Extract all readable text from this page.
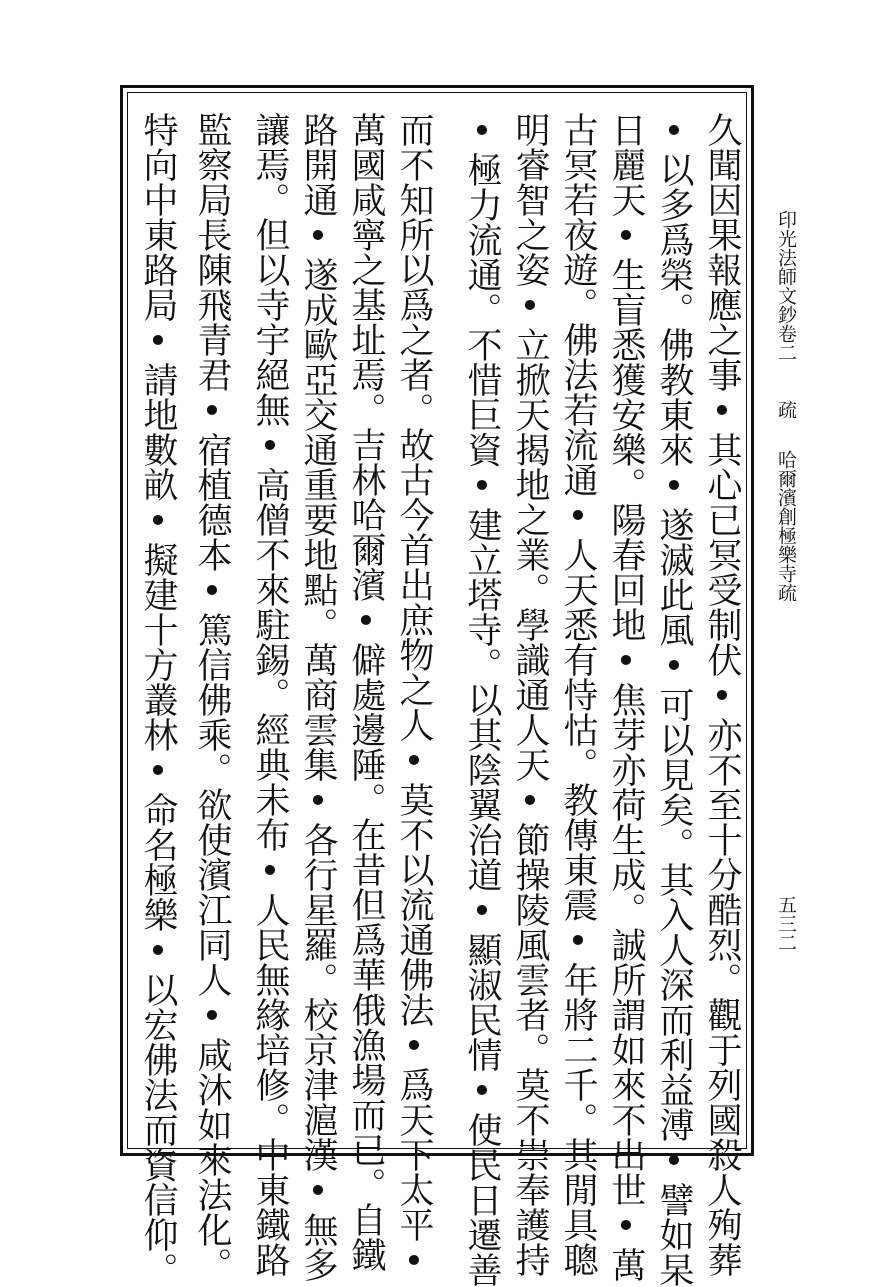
印光法師文鈔卷二
疏
哈爾濱創極樂寺疏
五三二
久聞因果報應之事•其心已冥受制伏•亦不至十分酷烈。觀于列國殺人殉葬
•以多爲榮。佛教東來•遂滅此風•可以見矣。其入人深而利益溥•譬如杲
日麗天•生盲悉獲安樂。陽春回地•焦芽亦荷生成。誠所謂如來不出世•萬
古冥若夜遊。佛法若流通•人天悉有恃怙。教傳東震•年將二千。其閒具聰
明睿智之姿•立掀天揭地之業。學識通人天•節操陵風雲者。莫不崇奉護持
•極力流通。不惜巨資•建立塔寺。以其陰翼治道•顯淑民情•使民日遷善
而不知所以爲之者。故古今首出庶物之人•莫不以流通佛法•爲天下太平•
萬國咸寧之基址焉。吉林哈爾濱•僻處邊陲。在昔但爲華俄漁場而已。自鐵
路開通•遂成歐亞交通重要地點。萬商雲集•各行星羅。校京津滬漢•無多
讓焉。但以寺宇絕無•高僧不來駐錫。經典未布•人民無緣培修。中東鐵路
監察局長陳飛青君•宿植德本•篤信佛乘。欲使濱江同人•咸沐如來法化。
特向中東路局•請地數畝•擬建十方叢林•命名極樂•以宏佛法而資信仰。
